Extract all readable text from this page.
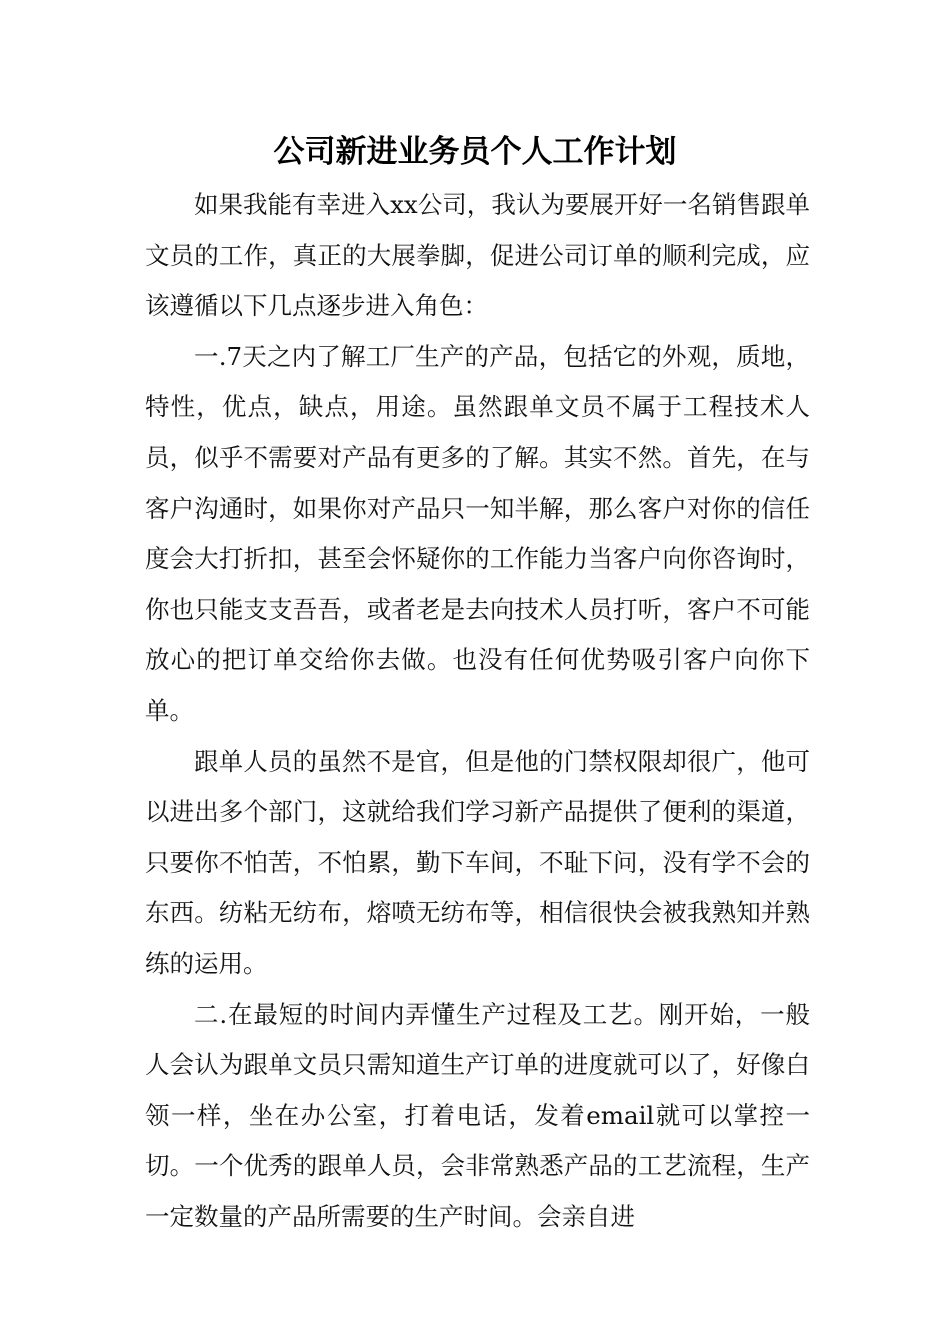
公司新进业务员个人工作计划

如果我能有幸进入xx公司，我认为要展开好一名销售跟单文员的工作，真正的大展拳脚，促进公司订单的顺利完成，应该遵循以下几点逐步进入角色：

一.7天之内了解工厂生产的产品，包括它的外观，质地，特性，优点，缺点，用途。虽然跟单文员不属于工程技术人员，似乎不需要对产品有更多的了解。其实不然。首先，在与客户沟通时，如果你对产品只一知半解，那么客户对你的信任度会大打折扣，甚至会怀疑你的工作能力当客户向你咨询时，你也只能支支吾吾，或者老是去向技术人员打听，客户不可能放心的把订单交给你去做。也没有任何优势吸引客户向你下单。

跟单人员的虽然不是官，但是他的门禁权限却很广，他可以进出多个部门，这就给我们学习新产品提供了便利的渠道，只要你不怕苦，不怕累，勤下车间，不耻下问，没有学不会的东西。纺粘无纺布，熔喷无纺布等，相信很快会被我熟知并熟练的运用。

二.在最短的时间内弄懂生产过程及工艺。刚开始，一般人会认为跟单文员只需知道生产订单的进度就可以了，好像白领一样，坐在办公室，打着电话，发着email就可以掌控一切。一个优秀的跟单人员，会非常熟悉产品的工艺流程，生产一定数量的产品所需要的生产时间。会亲自进
